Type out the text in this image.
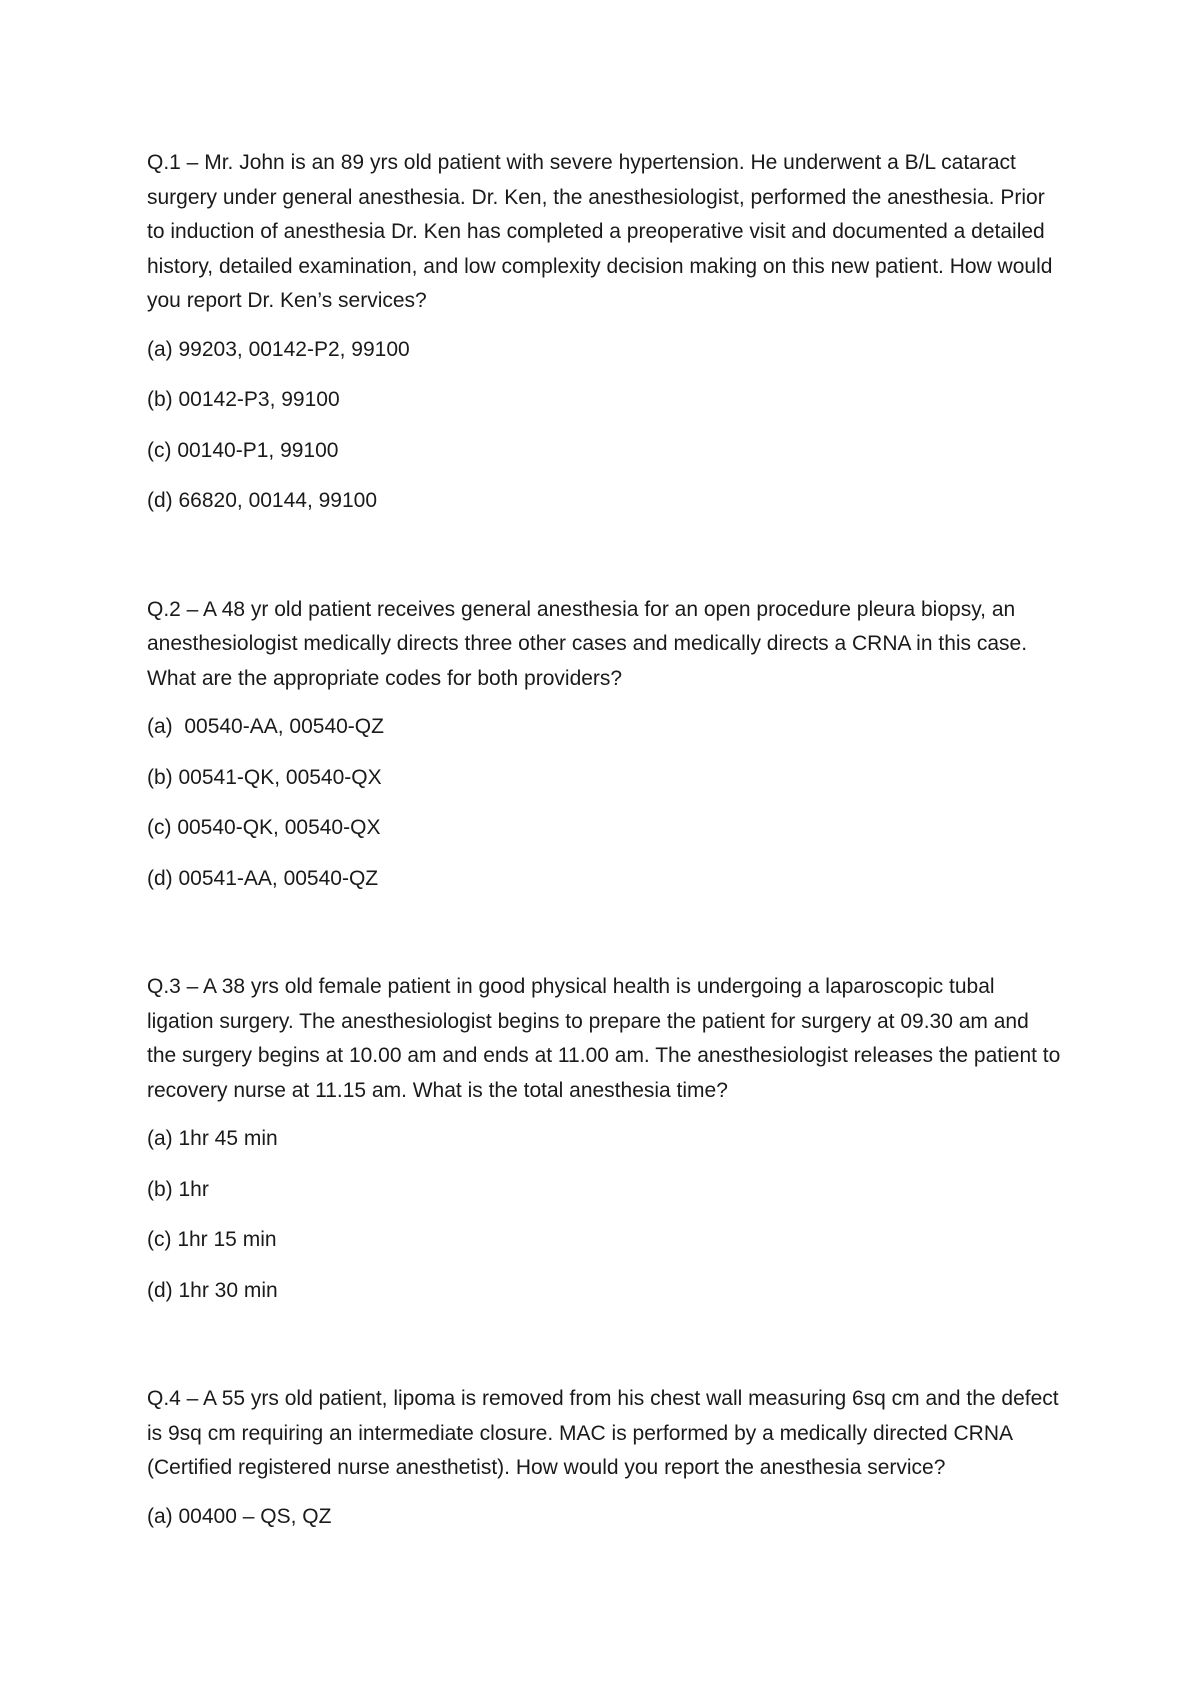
Q.1 – Mr. John is an 89 yrs old patient with severe hypertension. He underwent a B/L cataract surgery under general anesthesia. Dr. Ken, the anesthesiologist, performed the anesthesia. Prior to induction of anesthesia Dr. Ken has completed a preoperative visit and documented a detailed history, detailed examination, and low complexity decision making on this new patient. How would you report Dr. Ken’s services?

(a) 99203, 00142-P2, 99100
(b) 00142-P3, 99100
(c) 00140-P1, 99100
(d) 66820, 00144, 99100

Q.2 – A 48 yr old patient receives general anesthesia for an open procedure pleura biopsy, an anesthesiologist medically directs three other cases and medically directs a CRNA in this case. What are the appropriate codes for both providers?

(a)  00540-AA, 00540-QZ
(b) 00541-QK, 00540-QX
(c) 00540-QK, 00540-QX
(d) 00541-AA, 00540-QZ

Q.3 – A 38 yrs old female patient in good physical health is undergoing a laparoscopic tubal ligation surgery. The anesthesiologist begins to prepare the patient for surgery at 09.30 am and the surgery begins at 10.00 am and ends at 11.00 am. The anesthesiologist releases the patient to recovery nurse at 11.15 am. What is the total anesthesia time?

(a) 1hr 45 min
(b) 1hr
(c) 1hr 15 min
(d) 1hr 30 min

Q.4 – A 55 yrs old patient, lipoma is removed from his chest wall measuring 6sq cm and the defect is 9sq cm requiring an intermediate closure. MAC is performed by a medically directed CRNA (Certified registered nurse anesthetist). How would you report the anesthesia service?

(a) 00400 – QS, QZ
